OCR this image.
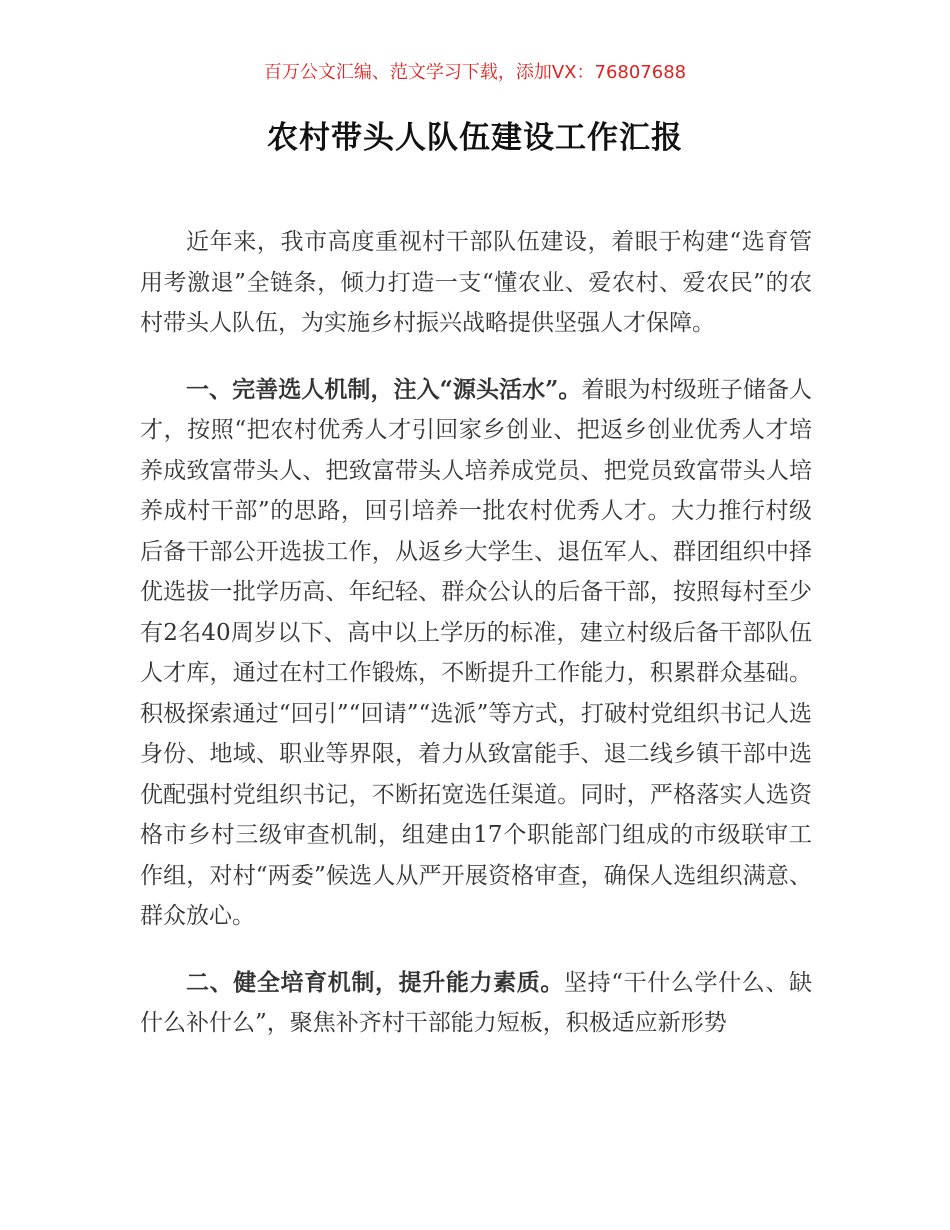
百万公文汇编、范文学习下载，添加VX：76807688
农村带头人队伍建设工作汇报

近年来，我市高度重视村干部队伍建设，着眼于构建“选育管用考激退”全链条，倾力打造一支“懂农业、爱农村、爱农民”的农村带头人队伍，为实施乡村振兴战略提供坚强人才保障。

一、完善选人机制，注入“源头活水”。着眼为村级班子储备人才，按照“把农村优秀人才引回家乡创业、把返乡创业优秀人才培养成致富带头人、把致富带头人培养成党员、把党员致富带头人培养成村干部”的思路，回引培养一批农村优秀人才。大力推行村级后备干部公开选拔工作，从返乡大学生、退伍军人、群团组织中择优选拔一批学历高、年纪轻、群众公认的后备干部，按照每村至少有2名40周岁以下、高中以上学历的标准，建立村级后备干部队伍人才库，通过在村工作锻炼，不断提升工作能力，积累群众基础。积极探索通过“回引”“回请”“选派”等方式，打破村党组织书记人选身份、地域、职业等界限，着力从致富能手、退二线乡镇干部中选优配强村党组织书记，不断拓宽选任渠道。同时，严格落实人选资格市乡村三级审查机制，组建由17个职能部门组成的市级联审工作组，对村“两委”候选人从严开展资格审查，确保人选组织满意、群众放心。

二、健全培育机制，提升能力素质。坚持“干什么学什么、缺什么补什么”，聚焦补齐村干部能力短板，积极适应新形势
